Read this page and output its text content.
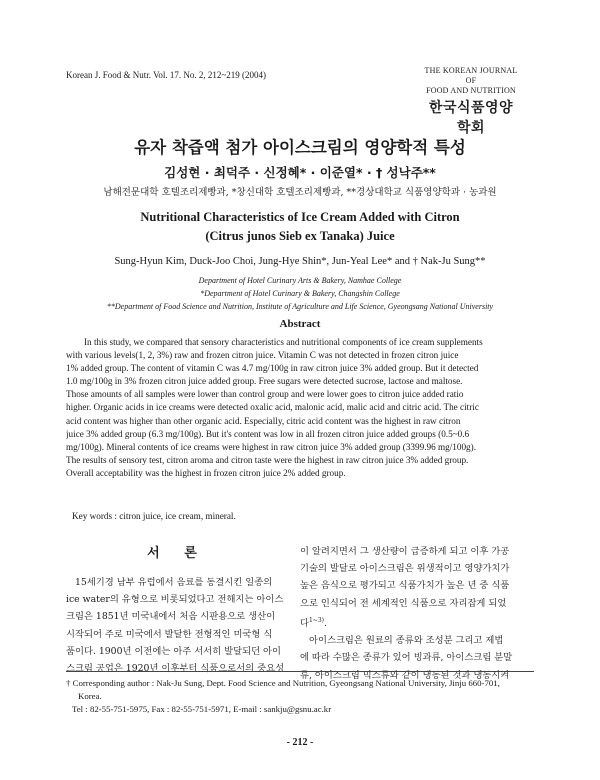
Korean J. Food & Nutr. Vol. 17. No. 2, 212~219 (2004)	THE KOREAN JOURNAL OF
FOOD AND NUTRITION
한국식품영양학회
유자 착즙액 첨가 아이스크림의 영양학적 특성
김성현 · 최덕주 · 신정혜* · 이준열* · † 성낙주**
남해전문대학 호텔조리제빵과, *창신대학 호텔조리제빵과, **경상대학교 식품영양학과 · 농과원
Nutritional Characteristics of Ice Cream Added with Citron
(Citrus junos Sieb ex Tanaka) Juice
Sung-Hyun Kim, Duck-Joo Choi, Jung-Hye Shin*, Jun-Yeal Lee* and † Nak-Ju Sung**
Department of Hotel Curinary Arts & Bakery, Namhae College
*Department of Hotel Curinary & Bakery, Changshin College
**Department of Food Science and Nutrition, Institute of Agriculture and Life Science, Gyeongsang National University
Abstract
In this study, we compared that sensory characteristics and nutritional components of ice cream supplements
with various levels(1, 2, 3%) raw and frozen citron juice. Vitamin C was not detected in frozen citron juice
1% added group. The content of vitamin C was 4.7 mg/100g in raw citron juice 3% added group. But it detected
1.0 mg/100g in 3% frozen citron juice added group. Free sugars were detected sucrose, lactose and maltose.
Those amounts of all samples were lower than control group and were lower goes to citron juice added ratio
higher. Organic acids in ice creams were detected oxalic acid, malonic acid, malic acid and citric acid. The citric
acid content was higher than other organic acid. Especially, citric acid content was the highest in raw citron
juice 3% added group (6.3 mg/100g). But it's content was low in all frozen citron juice added groups (0.5~0.6
mg/100g). Mineral contents of ice creams were highest in raw citron juice 3% added group (3399.96 mg/100g).
The results of sensory test, citron aroma and citron taste were the highest in raw citron juice 3% added group.
Overall acceptability was the highest in frozen citron juice 2% added group.
Key words : citron juice, ice cream, mineral.
서 론
15세기경 남부 유럽에서 음료를 동결시킨 일종의
ice water의 유형으로 비롯되었다고 전해지는 아이스
크림은 1851년 미국내에서 처음 시판용으로 생산이
시작되어 주로 미국에서 발달한 전형적인 미국형 식
품이다. 1900년 이전에는 아주 서서히 발달되던 아이
스크림 공업은 1920년 이후부터 식품으로서의 중요성
이 알려지면서 그 생산량이 급증하게 되고 이후 가공
기술의 발달로 아이스크림은 위생적이고 영양가치가
높은 음식으로 평가되고 식품가치가 높은 년 중 식품
으로 인식되어 전 세계적인 식품으로 자리잡게 되었
다$^{1\sim 3)}$.
아이스크림은 원료의 종류와 조성분 그리고 제법
에 따라 수많은 종류가 있어 빙과류, 아이스크림 분말
류, 아이스크림 믹스류와 같이 냉동된 것과 냉동시켜
† Corresponding author : Nak-Ju Sung, Dept. Food Science and Nutrition, Gyeongsang National University, Jinju 660-701,
Korea.
Tel : 82-55-751-5975, Fax : 82-55-751-5971, E-mail : sankju@gsnu.ac.kr
- 212 -
